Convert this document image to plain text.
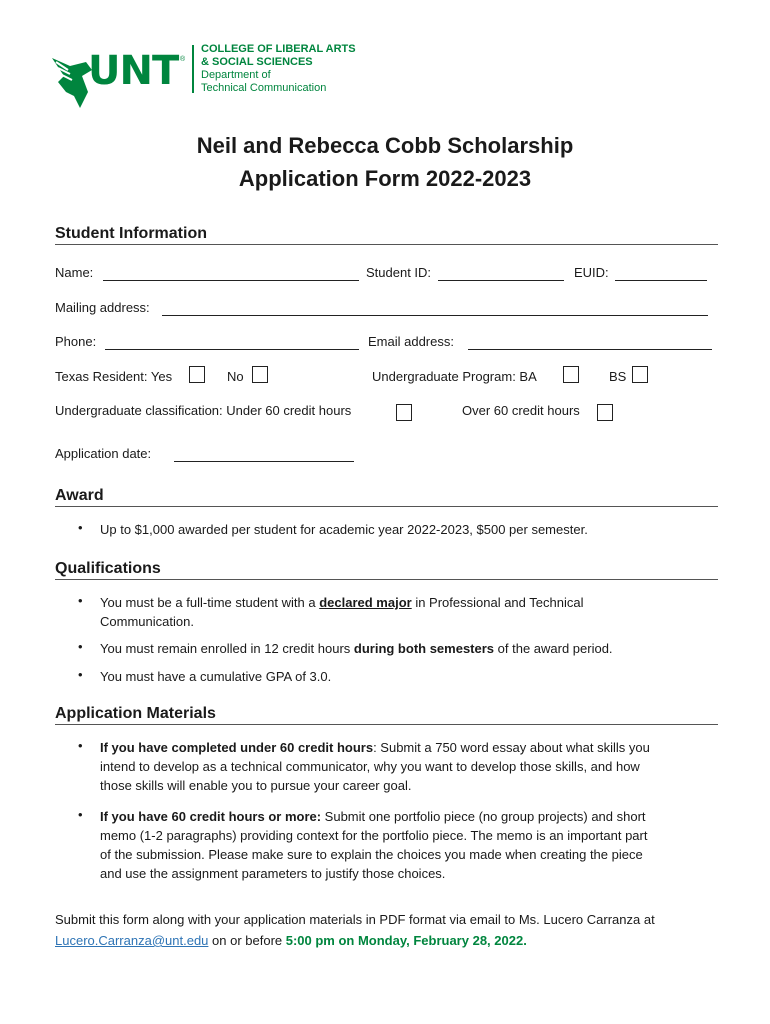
UNT ®
COLLEGE OF LIBERAL ARTS
& SOCIAL SCIENCES
Department of
Technical Communication
Neil and Rebecca Cobb Scholarship
Application Form 2022-2023
Student Information
Name:	Student ID:	EUID:
Mailing address:
Phone:	Email address:
Texas Resident: Yes	No	Undergraduate Program: BA	BS
Undergraduate classification: Under 60 credit hours	Over 60 credit hours
Application date:
Award
• Up to $1,000 awarded per student for academic year 2022-2023, $500 per semester.
Qualifications
• You must be a full-time student with a declared major in Professional and Technical
Communication.
• You must remain enrolled in 12 credit hours during both semesters of the award period.
• You must have a cumulative GPA of 3.0.
Application Materials
• If you have completed under 60 credit hours: Submit a 750 word essay about what skills you
intend to develop as a technical communicator, why you want to develop those skills, and how
those skills will enable you to pursue your career goal.
• If you have 60 credit hours or more: Submit one portfolio piece (no group projects) and short
memo (1-2 paragraphs) providing context for the portfolio piece. The memo is an important part
of the submission. Please make sure to explain the choices you made when creating the piece
and use the assignment parameters to justify those choices.
Submit this form along with your application materials in PDF format via email to Ms. Lucero Carranza at
Lucero.Carranza@unt.edu on or before 5:00 pm on Monday, February 28, 2022.
